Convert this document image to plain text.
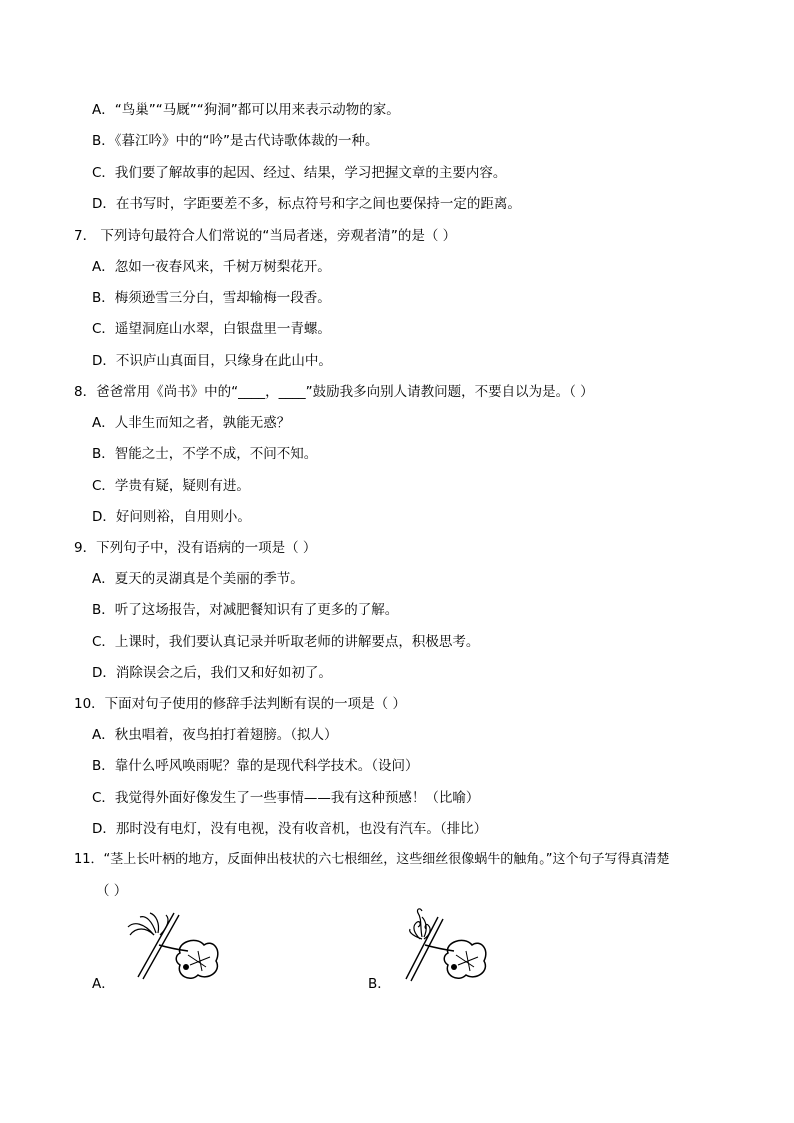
A．“鸟巢”“马厩”“狗洞”都可以用来表示动物的家。
B．《暮江吟》中的“吟”是古代诗歌体裁的一种。
C．我们要了解故事的起因、经过、结果，学习把握文章的主要内容。
D．在书写时，字距要差不多，标点符号和字之间也要保持一定的距离。
7． 下列诗句最符合人们常说的“当局者迷，旁观者清”的是（ ）
A．忽如一夜春风来，千树万树梨花开。
B．梅须逊雪三分白，雪却输梅一段香。
C．遥望洞庭山水翠，白银盘里一青螺。
D．不识庐山真面目，只缘身在此山中。
8．爸爸常用《尚书》中的“____，____”鼓励我多向别人请教问题，不要自以为是。（ ）
A．人非生而知之者，孰能无惑？
B．智能之士，不学不成，不问不知。
C．学贵有疑，疑则有进。
D．好问则裕，自用则小。
9．下列句子中，没有语病的一项是（ ）
A．夏天的灵湖真是个美丽的季节。
B．听了这场报告，对减肥餐知识有了更多的了解。
C．上课时，我们要认真记录并听取老师的讲解要点，积极思考。
D．消除误会之后，我们又和好如初了。
10．下面对句子使用的修辞手法判断有误的一项是（ ）
A．秋虫唱着，夜鸟拍打着翅膀。（拟人）
B．靠什么呼风唤雨呢？靠的是现代科学技术。（设问）
C．我觉得外面好像发生了一些事情——我有这种预感！（比喻）
D．那时没有电灯，没有电视，没有收音机，也没有汽车。（排比）
11．“茎上长叶柄的地方，反面伸出枝状的六七根细丝，这些细丝很像蜗牛的触角。”这个句子写得真清楚
（ ）
A．	B．
